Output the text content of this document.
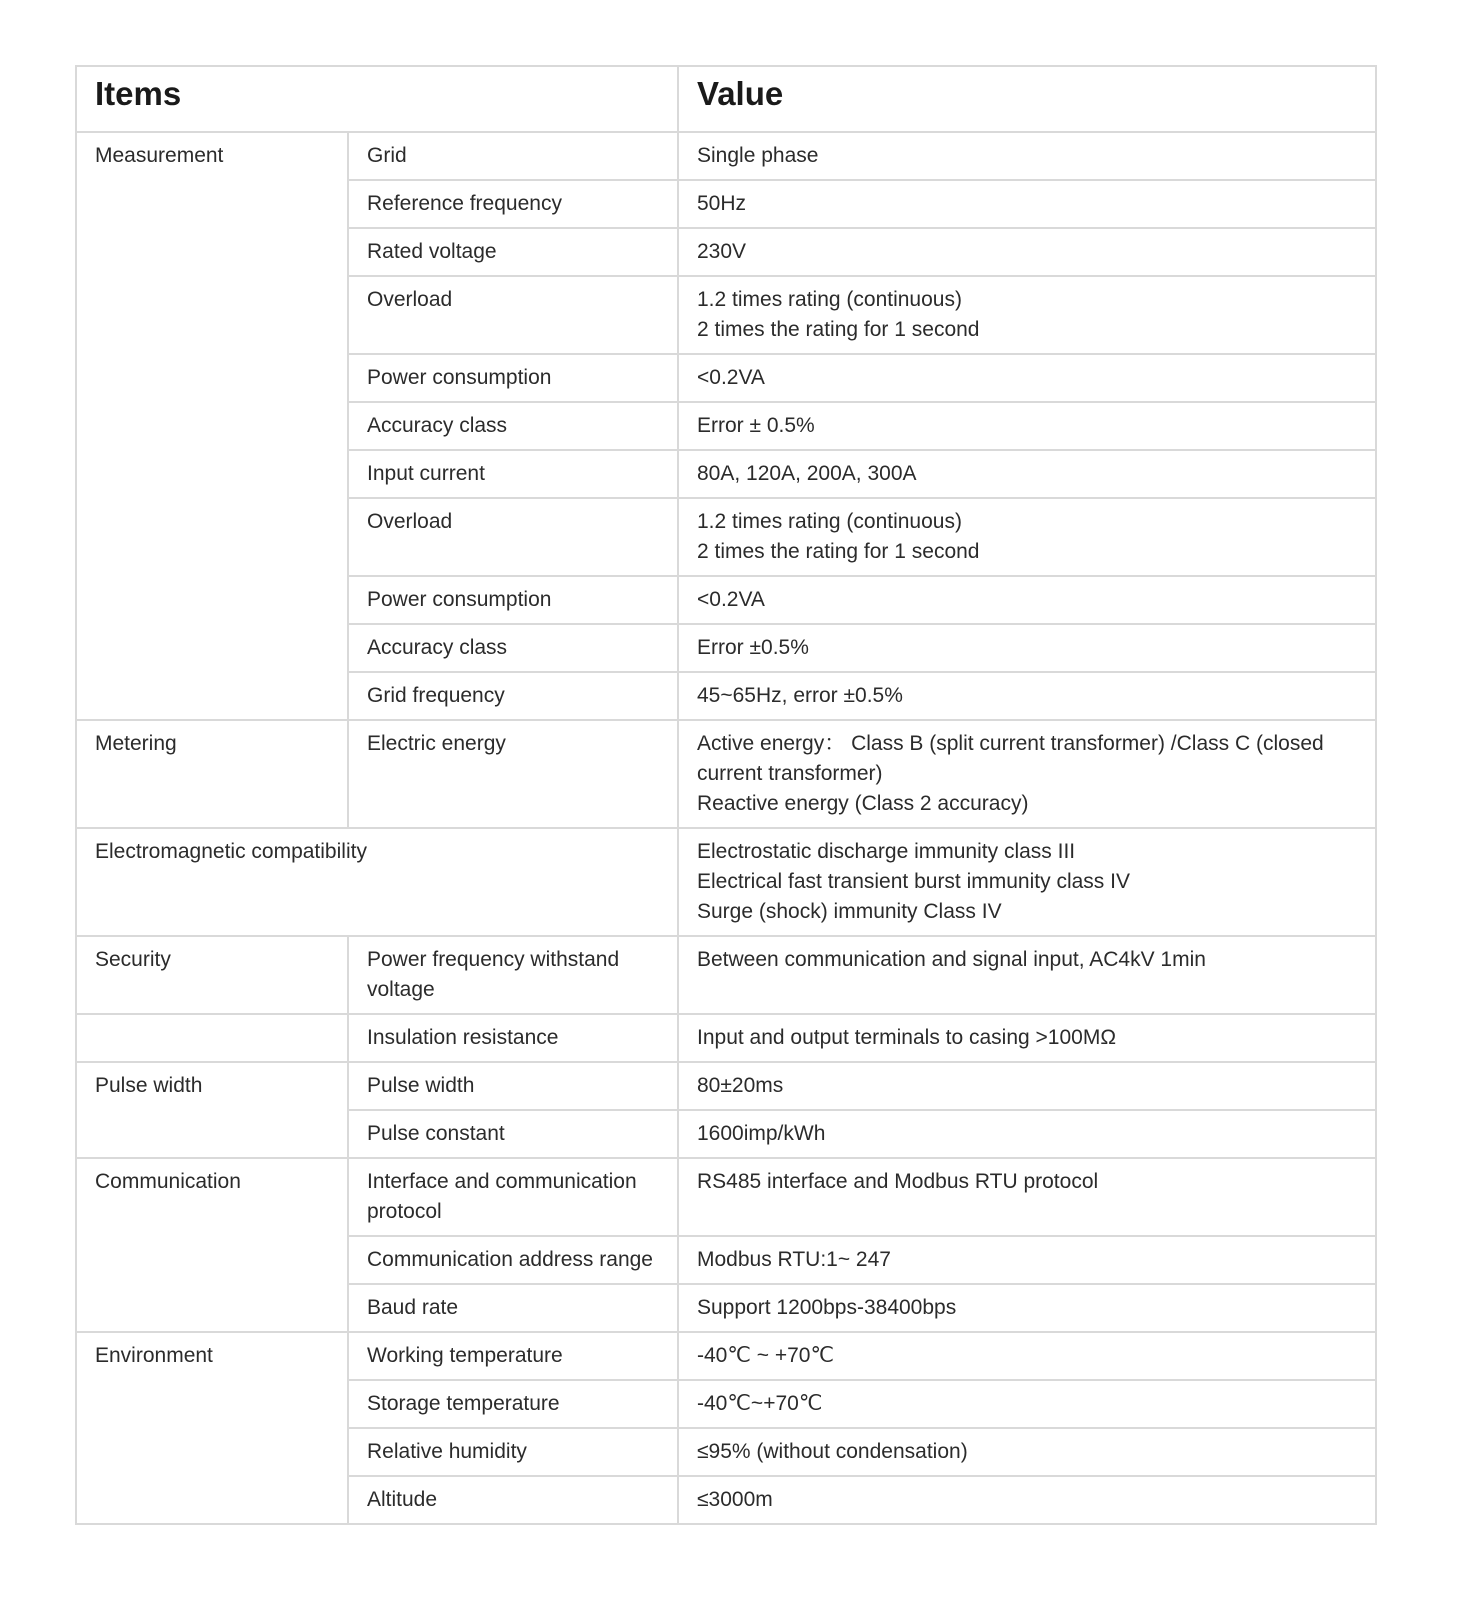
Items		Value
Measurement	Grid	Single phase

	Reference frequency	50Hz

	Rated voltage	230V

	Overload	1.2 times rating (continuous)
2 times the rating for 1 second

	Power consumption	<0.2VA

	Accuracy class	Error ± 0.5%

	Input current	80A, 120A, 200A, 300A

	Overload	1.2 times rating (continuous)
2 times the rating for 1 second

	Power consumption	<0.2VA

	Accuracy class	Error ±0.5%

	Grid frequency	45~65Hz, error ±0.5%

Metering	Electric energy	Active energy： Class B (split current transformer) /Class C (closed current transformer)
Reactive energy (Class 2 accuracy)

Electromagnetic compatibility		Electrostatic discharge immunity class III
Electrical fast transient burst immunity class IV
Surge (shock) immunity Class IV

Security	Power frequency withstand voltage	Between communication and signal input, AC4kV 1min

	Insulation resistance	Input and output terminals to casing >100MΩ

Pulse width	Pulse width	80±20ms

	Pulse constant	1600imp/kWh

Communication	Interface and communication protocol	RS485 interface and Modbus RTU protocol

	Communication address range	Modbus RTU:1~ 247

	Baud rate	Support 1200bps-38400bps

Environment	Working temperature	-40℃ ~ +70℃

	Storage temperature	-40℃~+70℃

	Relative humidity	≤95% (without condensation)

	Altitude	≤3000m
